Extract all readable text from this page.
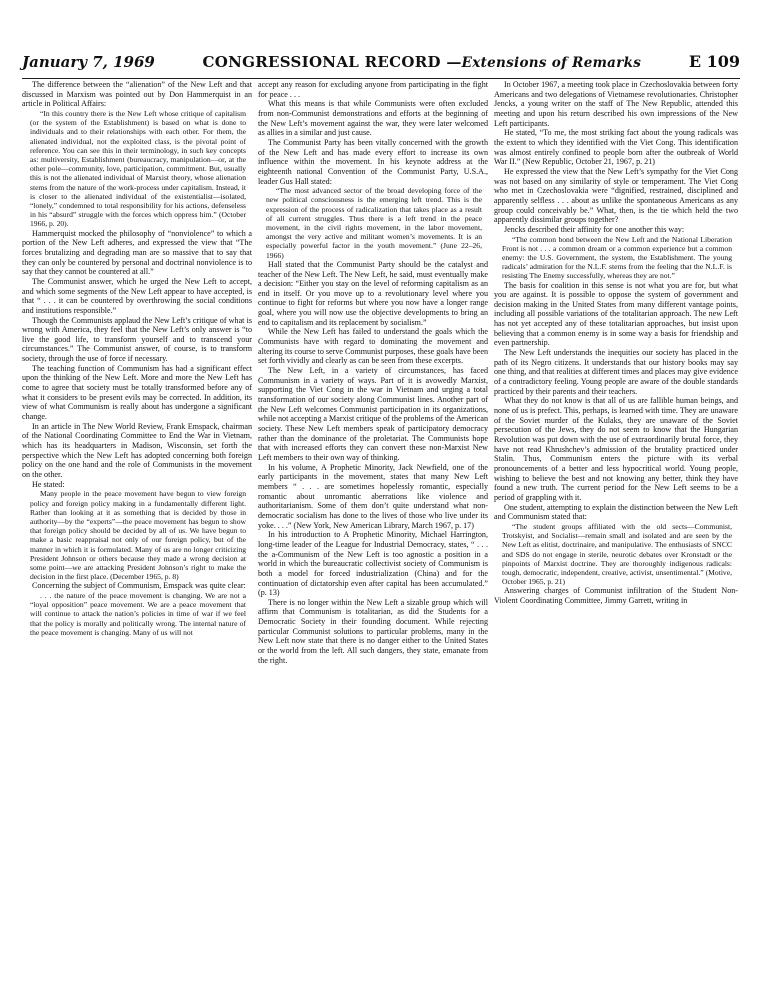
January 7, 1969	CONGRESSIONAL RECORD —Extensions of Remarks	E 109

The difference between the “alienation” of the New Left and that discussed in Marxism was pointed out by Don Hammerquist in an article in Political Affairs:

“In this country there is the New Left whose critique of capitalism (or the system of the Establishment) is based on what is done to individuals and to their relationships with each other. For them, the alienated individual, not the exploited class, is the pivotal point of reference. You can see this in their terminology, in such key concepts as: multiversity, Establishment (bureaucracy, manipulation—or, at the other pole—community, love, participation, commitment. But, usually this is not the alienated individual of Marxist theory, whose alienation stems from the nature of the work-process under capitalism. Instead, it is closer to the alienated individual of the existentialist—isolated, “lonely,” condemned to total responsibility for his actions, defenseless in his “absurd” struggle with the forces which oppress him.” (October 1966, p. 20).

Hammerquist mocked the philosophy of “nonviolence” to which a portion of the New Left adheres, and expressed the view that “The forces brutalizing and degrading man are so massive that to say that they can only be countered by personal and doctrinal nonviolence is to say that they cannot be countered at all.”

The Communist answer, which he urged the New Left to accept, and which some segments of the New Left appear to have accepted, is that “ . . . it can be countered by overthrowing the social conditions and institutions responsible.”

Though the Communists applaud the New Left’s critique of what is wrong with America, they feel that the New Left’s only answer is “to live the good life, to transform yourself and to transcend your circumstances.” The Communist answer, of course, is to transform society, through the use of force if necessary.

The teaching function of Communism has had a significant effect upon the thinking of the New Left. More and more the New Left has come to agree that society must be totally transformed before any of what it considers to be present evils may be corrected. In addition, its view of what Communism is really about has undergone a significant change.

In an article in The New World Review, Frank Emspack, chairman of the National Coordinating Committee to End the War in Vietnam, which has its headquarters in Madison, Wisconsin, set forth the perspective which the New Left has adopted concerning both foreign policy on the one hand and the role of Communists in the movement on the other.

He stated:

Many people in the peace movement have begun to view foreign policy and foreign policy making in a fundamentally different light. Rather than looking at it as something that is decided by those in authority—by the “experts”—the peace movement has begun to show that foreign policy should be decided by all of us. We have begun to make a basic reappraisal not only of our foreign policy, but of the manner in which it is formulated. Many of us are no longer criticizing President Johnson or others because they made a wrong decision at some point—we are attacking President Johnson’s right to make the decision in the first place. (December 1965, p. 8)

Concerning the subject of Communism, Emspack was quite clear:

. . . the nature of the peace movement is changing. We are not a “loyal opposition” peace movement. We are a peace movement that will continue to attack the nation’s policies in time of war if we feel that the policy is morally and politically wrong. The internal nature of the peace movement is changing. Many of us will not

accept any reason for excluding anyone from participating in the fight for peace . . .

What this means is that while Communists were often excluded from non-Communist demonstrations and efforts at the beginning of the New Left’s movement against the war, they were later welcomed as allies in a similar and just cause.

The Communist Party has been vitally concerned with the growth of the New Left and has made every effort to increase its own influence within the movement. In his keynote address at the eighteenth national Convention of the Communist Party, U.S.A., leader Gus Hall stated:

“The most advanced sector of the broad developing force of the new political consciousness is the emerging left trend. This is the expression of the process of radicalization that takes place as a result of all current struggles. Thus there is a left trend in the peace movement, in the civil rights movement, in the labor movement, amongst the very active and militant women’s movements. It is an especially powerful factor in the youth movement.” (June 22–26, 1966)

Hall stated that the Communist Party should be the catalyst and teacher of the New Left. The New Left, he said, must eventually make a decision: “Either you stay on the level of reforming capitalism as an end in itself. Or you move up to a revolutionary level where you continue to fight for reforms but where you now have a longer range goal, where you will now use the objective developments to bring an end to capitalism and its replacement by socialism.”

While the New Left has failed to understand the goals which the Communists have with regard to dominating the movement and altering its course to serve Communist purposes, these goals have been set forth vividly and clearly as can be seen from these excerpts.

The New Left, in a variety of circumstances, has faced Communism in a variety of ways. Part of it is avowedly Marxist, supporting the Viet Cong in the war in Vietnam and urging a total transformation of our society along Communist lines. Another part of the New Left welcomes Communist participation in its organizations, while not accepting a Marxist critique of the problems of the American society. These New Left members speak of participatory democracy rather than the dominance of the proletariat. The Communists hope that with increased efforts they can convert these non-Marxist New Left members to their own way of thinking.

In his volume, A Prophetic Minority, Jack Newfield, one of the early participants in the movement, states that many New Left members “ . . . are sometimes hopelessly romantic, especially romantic about unromantic aberrations like violence and authoritarianism. Some of them don’t quite understand what non-democratic socialism has done to the lives of those who live under its yoke. . . .” (New York, New American Library, March 1967, p. 17)

In his introduction to A Prophetic Minority, Michael Harrington, long-time leader of the League for Industrial Democracy, states, “ . . . the a-Communism of the New Left is too agnostic a position in a world in which the bureaucratic collectivist society of Communism is both a model for forced industrialization (China) and for the continuation of dictatorship even after capital has been accumulated.” (p. 13)

There is no longer within the New Left a sizable group which will affirm that Communism is totalitarian, as did the Students for a Democratic Society in their founding document. While rejecting particular Communist solutions to particular problems, many in the New Left now state that there is no danger either to the United States or the world from the left. All such dangers, they state, emanate from the right.

In October 1967, a meeting took place in Czechoslovakia between forty Americans and two delegations of Vietnamese revolutionaries. Christopher Jencks, a young writer on the staff of The New Republic, attended this meeting and upon his return described his own impressions of the New Left participants.

He stated, “To me, the most striking fact about the young radicals was the extent to which they identified with the Viet Cong. This identification was almost entirely confined to people born after the outbreak of World War II.” (New Republic, October 21, 1967, p. 21)

He expressed the view that the New Left’s sympathy for the Viet Cong was not based on any similarity of style or temperament. The Viet Cong who met in Czechoslovakia were “dignified, restrained, disciplined and apparently selfless . . . about as unlike the spontaneous Americans as any group could conceivably be.” What, then, is the tie which held the two apparently dissimilar groups together?

Jencks described their affinity for one another this way:

“The common bond between the New Left and the National Liberation Front is not . . . a common dream or a common experience but a common enemy: the U.S. Government, the system, the Establishment. The young radicals’ admiration for the N.L.F. stems from the feeling that the N.L.F. is resisting The Enemy successfully, whereas they are not.”

The basis for coalition in this sense is not what you are for, but what you are against. It is possible to oppose the system of government and decision making in the United States from many different vantage points, including all possible variations of the totalitarian approach. The new Left has not yet accepted any of these totalitarian approaches, but insist upon believing that a common enemy is in some way a basis for friendship and even partnership.

The New Left understands the inequities our society has placed in the path of its Negro citizens. It understands that our history books may say one thing, and that realities at different times and places may give evidence of a contradictory feeling. Young people are aware of the double standards practiced by their parents and their teachers.

What they do not know is that all of us are fallible human beings, and none of us is prefect. This, perhaps, is learned with time. They are unaware of the Soviet murder of the Kulaks, they are unaware of the Soviet persecution of the Jews, they do not seem to know that the Hungarian Revolution was put down with the use of extraordinarily brutal force, they have not read Khrushchev’s admission of the brutality practiced under Stalin. Thus, Communism enters the picture with its verbal pronouncements of a better and less hypocritical world. Young people, wishing to believe the best and not knowing any better, think they have found a new truth. The current period for the New Left seems to be a period of grappling with it.

One student, attempting to explain the distinction between the New Left and Communism stated that:

“The student groups affiliated with the old sects—Communist, Trotskyist, and Socialist—remain small and isolated and are seen by the New Left as elitist, doctrinaire, and manipulative. The enthusiasts of SNCC and SDS do not engage in sterile, neurotic debates over Kronstadt or the pinpoints of Marxist doctrine. They are thoroughly indigenous radicals: tough, democratic, independent, creative, activist, unsentimental.” (Motive, October 1965, p. 21)

Answering charges of Communist infiltration of the Student Non-Violent Coordinating Committee, Jimmy Garrett, writing in
